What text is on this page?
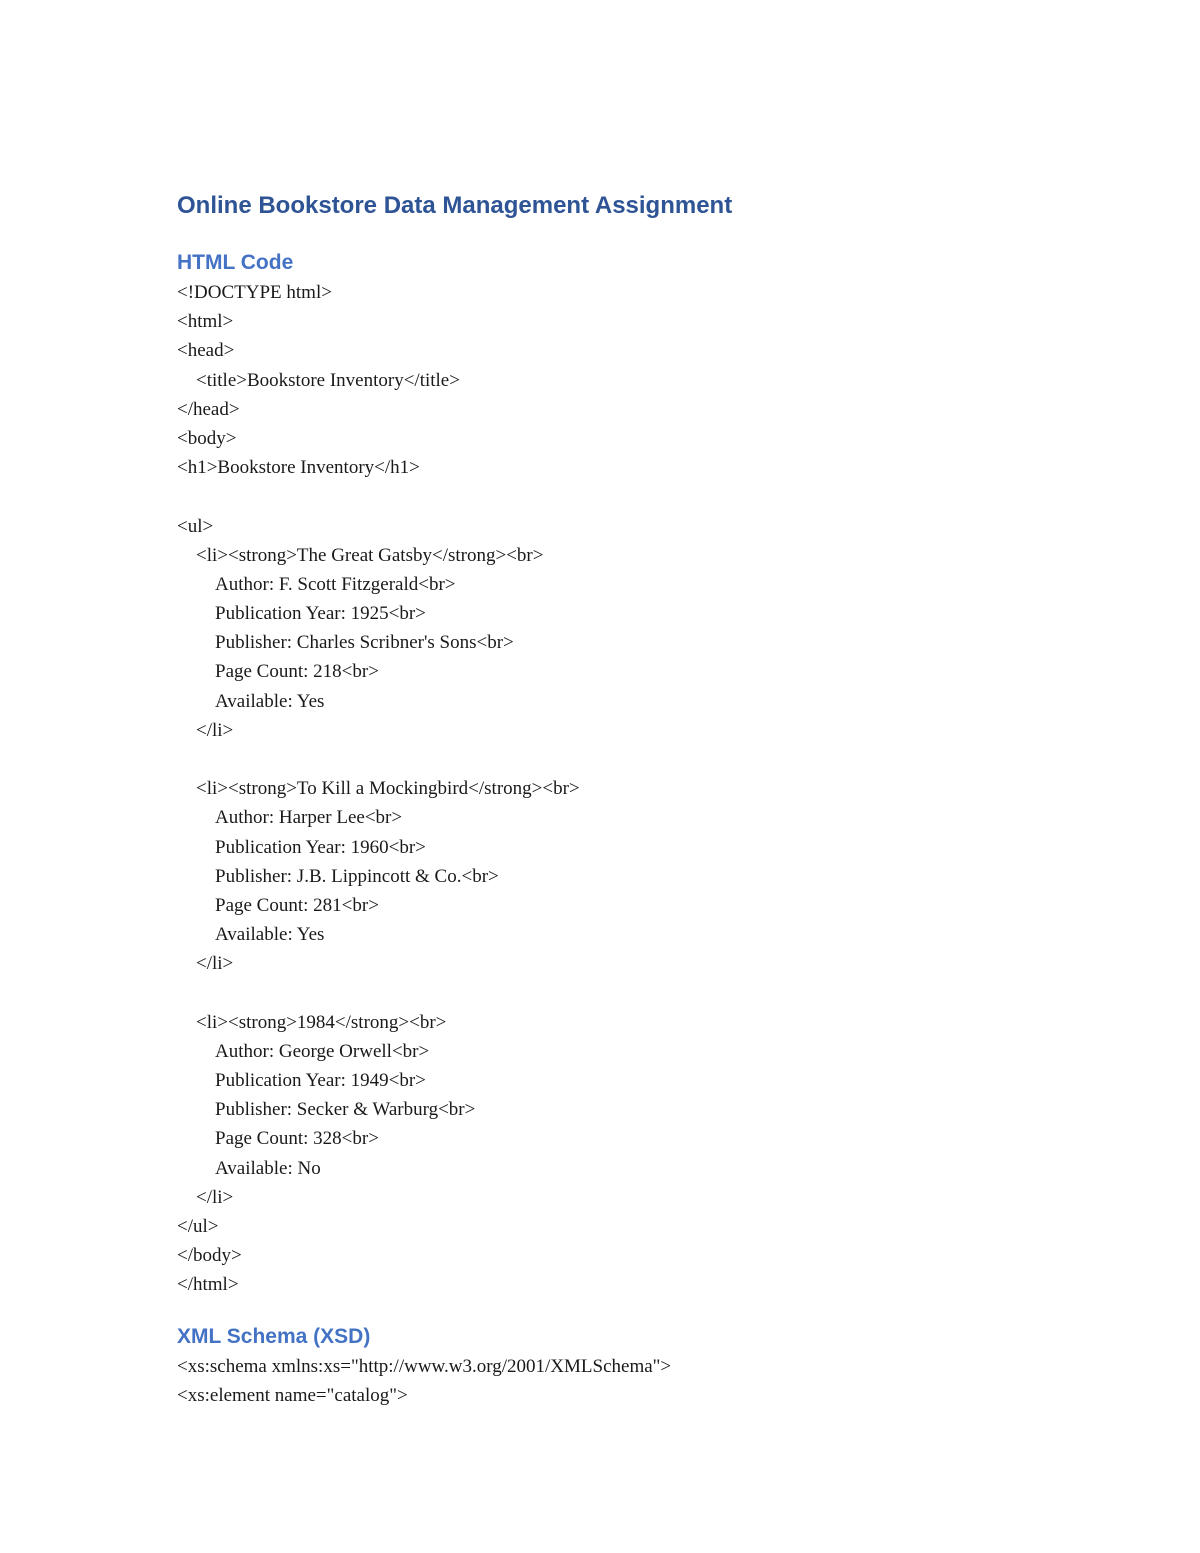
Online Bookstore Data Management Assignment
HTML Code
<!DOCTYPE html>
<html>
<head>
<title>Bookstore Inventory</title>
</head>
<body>
<h1>Bookstore Inventory</h1>
<ul>
<li><strong>The Great Gatsby</strong><br>
Author: F. Scott Fitzgerald<br>
Publication Year: 1925<br>
Publisher: Charles Scribner's Sons<br>
Page Count: 218<br>
Available: Yes
</li>
<li><strong>To Kill a Mockingbird</strong><br>
Author: Harper Lee<br>
Publication Year: 1960<br>
Publisher: J.B. Lippincott & Co.<br>
Page Count: 281<br>
Available: Yes
</li>
<li><strong>1984</strong><br>
Author: George Orwell<br>
Publication Year: 1949<br>
Publisher: Secker & Warburg<br>
Page Count: 328<br>
Available: No
</li>
</ul>
</body>
</html>
XML Schema (XSD)
<xs:schema xmlns:xs="http://www.w3.org/2001/XMLSchema">
<xs:element name="catalog">
